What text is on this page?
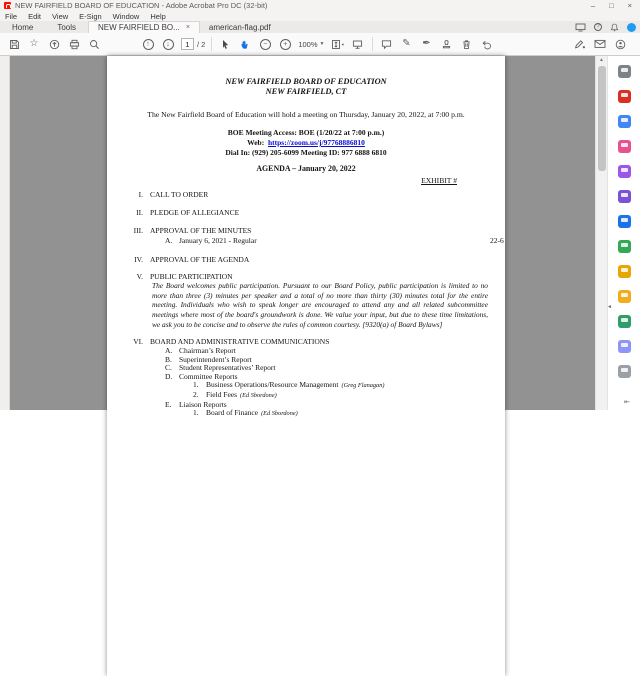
NEW FAIRFIELD BOARD OF EDUCATION - Adobe Acrobat Pro DC (32-bit)	– □ ×
File Edit View E-Sign Window Help
Home	Tools	NEW FAIRFIELD BO... × american-flag.pdf	?
☆	↑	↓	1 / 2	−	+	100% ▼	✎ ✒
NEW FAIRFIELD BOARD OF EDUCATION
NEW FAIRFIELD, CT
The New Fairfield Board of Education will hold a meeting on Thursday, January 20, 2022, at 7:00 p.m.
BOE Meeting Access: BOE (1/20/22 at 7:00 p.m.)
Web: https://zoom.us/j/97768886810
Dial In: (929) 205-6099 Meeting ID: 977 6888 6810
AGENDA – January 20, 2022
EXHIBIT #
I. CALL TO ORDER
II. PLEDGE OF ALLEGIANCE
III. APPROVAL OF THE MINUTES
A. January 6, 2021 - Regular	22-6
IV. APPROVAL OF THE AGENDA
V. PUBLIC PARTICIPATION
The Board welcomes public participation. Pursuant to our Board Policy, public participation is limited to no more than three (3) minutes per speaker and a total of no more than thirty (30) minutes total for the entire meeting. Individuals who wish to speak longer are encouraged to attend any and all related subcommittee meetings where most of the board's groundwork is done. We value your input, but due to these time limitations, we ask you to be concise and to observe the rules of common courtesy. [9320(a) of Board Bylaws]
VI. BOARD AND ADMINISTRATIVE COMMUNICATIONS
A. Chairman’s Report
B. Superintendent’s Report
C. Student Representatives’ Report
D. Committee Reports
1. Business Operations/Resource Management (Greg Flanagan)
2. Field Fees (Ed Sbordone)
E.	Liaison Reports
1. Board of Finance (Ed Sbordone)
▲
◄
⇤
